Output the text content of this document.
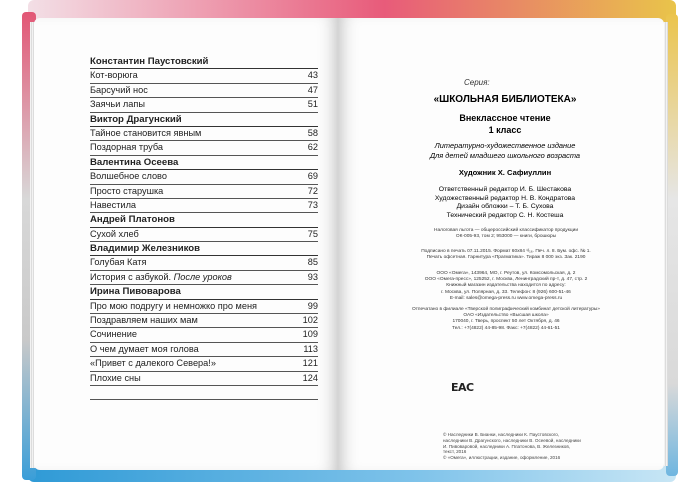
Константин Паустовский
Кот-ворюга	43
Барсучий нос	47
Заячьи лапы	51
Виктор Драгунский
Тайное становится явным	58
Поздорная труба	62
Валентина Осеева
Волшебное слово	69
Просто старушка	72
Навестила	73
Андрей Платонов
Сухой хлеб	75
Владимир Железников
Голубая Катя	85
История с азбукой. После уроков	93
Ирина Пивоварова
Про мою подругу и немножко про меня	99
Поздравляем наших мам	102
Сочинение	109
О чем думает моя голова	113
«Привет с далекого Севера!»	121
Плохие сны	124
Серия:
«ШКОЛЬНАЯ БИБЛИОТЕКА»
Внеклассное чтение
1 класс
Литературно-художественное издание
Для детей младшего школьного возраста
Художник Х. Сафиуллин
Ответственный редактор И. Б. Шестакова
Художественный редактор Н. В. Кондратова
Дизайн обложки – Т. Б. Сухова
Технический редактор С. Н. Костеша
Налоговая льгота — общероссийский классификатор продукции
ОК-005-93, том 2; 953000 — книги, брошюры
Подписано в печать 07.11.2015. Формат 60х84 ¹/₁₆. Печ. л. 8. Бум. офс. № 1.
Печать офсетная. Гарнитура «Прагматика». Тираж 8 000 экз. Зак. 2190
ООО «Омега», 143964, МО, г. Реутов, ул. Комсомольская, д. 2
ООО «Омега-пресс», 125252, г. Москва, Ленинградский пр-т, д. 47, стр. 2
Книжный магазин издательства находится по адресу:
г. Москва, ул. Полярная, д. 33. Телефон: 8 (926) 600-51-46
E-mail: sales@omega-press.ru www.omega-press.ru
Отпечатано в филиале «Тверской полиграфический комбинат детской литературы»
ОАО «Издательство «Высшая школа»
170040, г. Тверь, проспект 50 лет Октября, д. 46
Тел.: +7(4822) 44-85-98. Факс: +7(4822) 44-61-51
EAC
© Наследники В. Бианки, наследники К. Паустовского,
наследники В. Драгунского, наследники В. Осеевой, наследники
И. Пивоваровой, наследники А. Платонова, В. Железников,
текст, 2016
© «Омега», иллюстрации, издание, оформление, 2016
